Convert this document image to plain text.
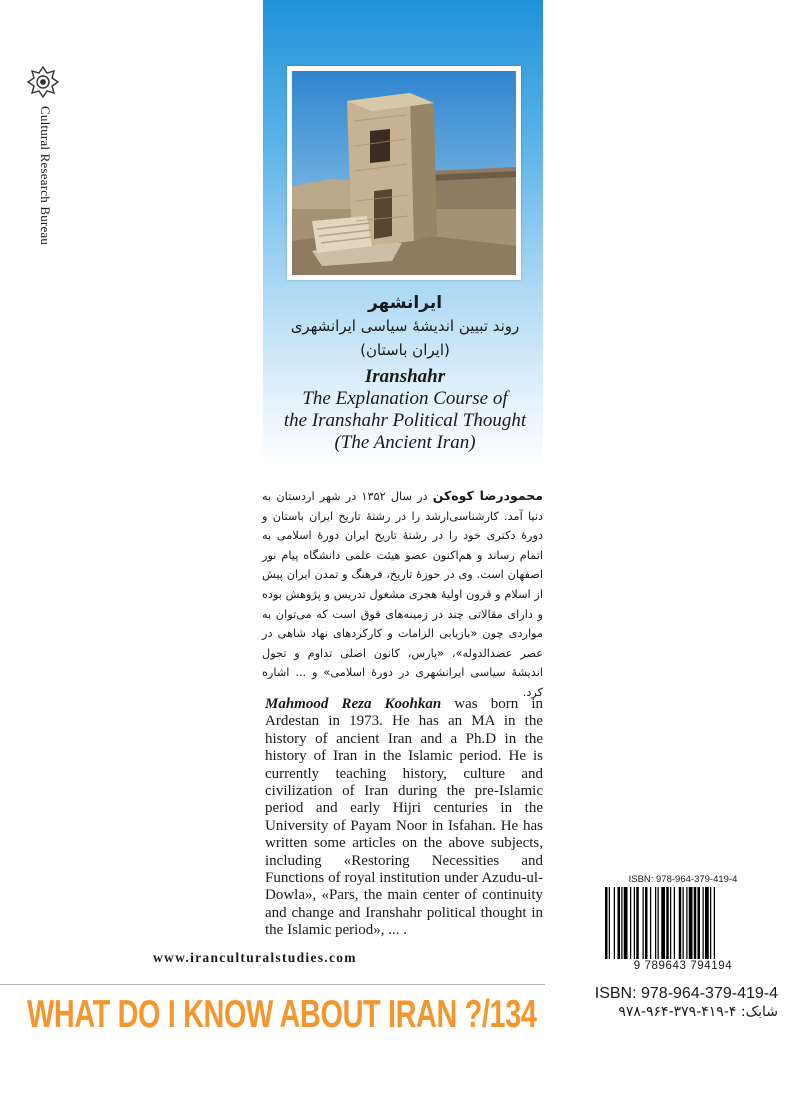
Cultural Research Bureau
ایرانشهر
روند تبیین اندیشهٔ سیاسی ایرانشهری
(ایران باستان)
Iranshahr
The Explanation Course of
the Iranshahr Political Thought
(The Ancient Iran)
محمودرضا کوه‌کن در سال ۱۳۵۲ در شهر اردستان به دنیا آمد. کارشناسی‌ارشد را در رشتهٔ تاریخ ایران باستان و دورهٔ دکتری خود را در رشتهٔ تاریخ ایران دورهٔ اسلامی به اتمام رساند و هم‌اکنون عضو هیئت علمی دانشگاه پیام نور اصفهان است. وی در حوزهٔ تاریخ، فرهنگ و تمدن ایران پیش از اسلام و قرون اولیهٔ هجری مشغول تدریس و پژوهش بوده و دارای مقالاتی چند در زمینه‌های فوق است که می‌توان به مواردی چون «بازیابی الزامات و کارکردهای نهاد شاهی در عصر عضدالدوله»، «پارس، کانون اصلی تداوم و تحول اندیشهٔ سیاسی ایرانشهری در دورهٔ اسلامی» و ... اشاره کرد.
Mahmood Reza Koohkan was born in Ardestan in 1973. He has an MA in the history of ancient Iran and a Ph.D in the history of Iran in the Islamic period. He is currently teaching history, culture and civilization of Iran during the pre-Islamic period and early Hijri centuries in the University of Payam Noor in Isfahan. He has written some articles on the above subjects, including «Restoring Necessities and Functions of royal institution under Azudu-ul-Dowla», «Pars, the main center of continuity and change and Iranshahr political thought in the Islamic period», ... .
www.iranculturalstudies.com
WHAT DO I KNOW ABOUT IRAN ?/134
ISBN: 978-964-379-419-4
9 789643 794194
ISBN: 978-964-379-419-4
شابک: ۴-۴۱۹-۳۷۹-۹۶۴-۹۷۸
